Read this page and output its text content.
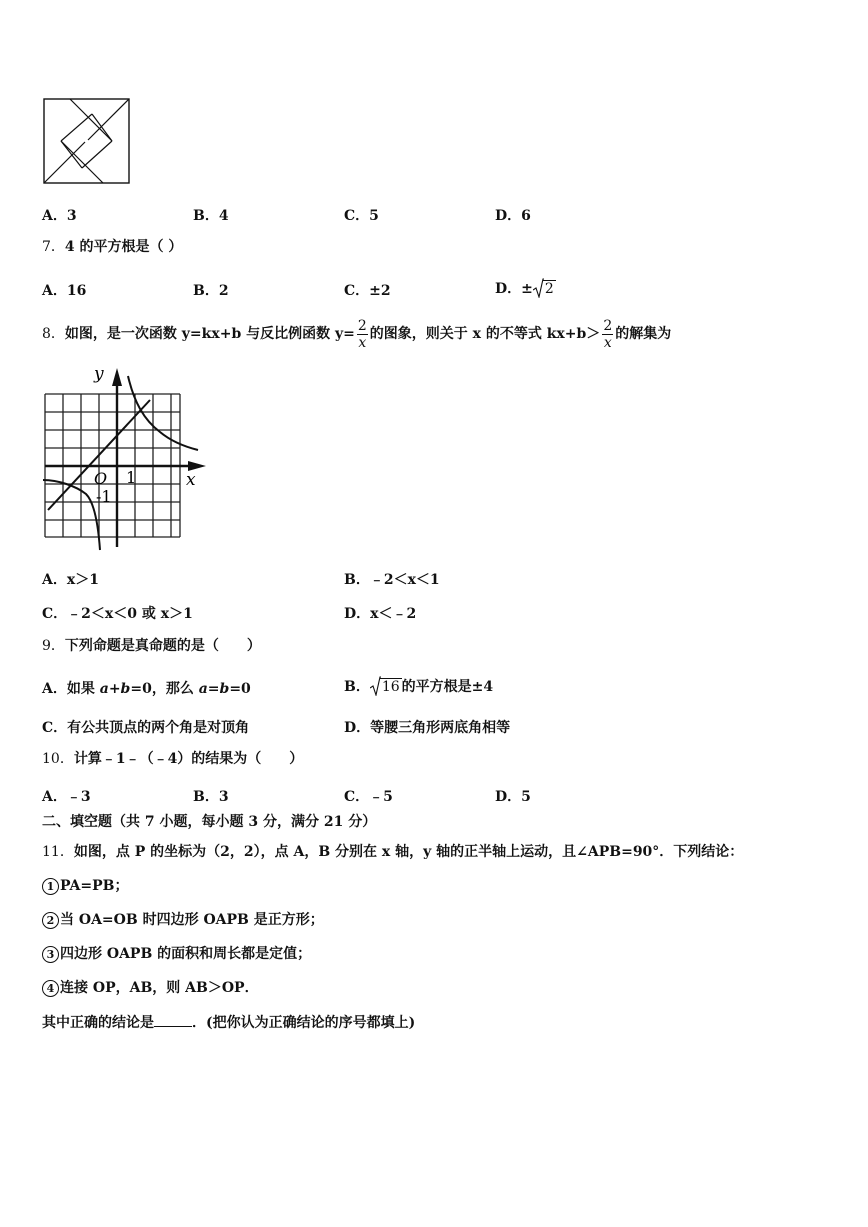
A．3	B．4	C．5	D．6
7．4 的平方根是（ ）
A．16	B．2	C．±2	D．± 2
8．如图，是一次函数 y=kx+b 与反比例函数 $y= \frac{2}{x}$ 的图象，则关于 x 的不等式 $kx+b> \frac{2}{x}$ 的解集为
y
x
O 1
-1
A．x＞1	B．﹣2＜x＜1
C．﹣2＜x＜0 或 x＞1	D．x＜﹣2
9．下列命题是真命题的是（　　）
A．如果 a+b=0，那么 a=b=0	B． 16 的平方根是±4
C．有公共顶点的两个角是对顶角	D．等腰三角形两底角相等
10．计算﹣1﹣（﹣4）的结果为（　　）
A．﹣3	B．3	C．﹣5	D．5
二、填空题（共 7 小题，每小题 3 分，满分 21 分）
11．如图，点 P 的坐标为（2，2），点 A，B 分别在 x 轴，y 轴的正半轴上运动，且∠APB=90°．下列结论：
1 PA=PB；
2 当 OA=OB 时四边形 OAPB 是正方形；
3 四边形 OAPB 的面积和周长都是定值；
4 连接 OP，AB，则 AB＞OP．
其中正确的结论是	．(把你认为正确结论的序号都填上)
